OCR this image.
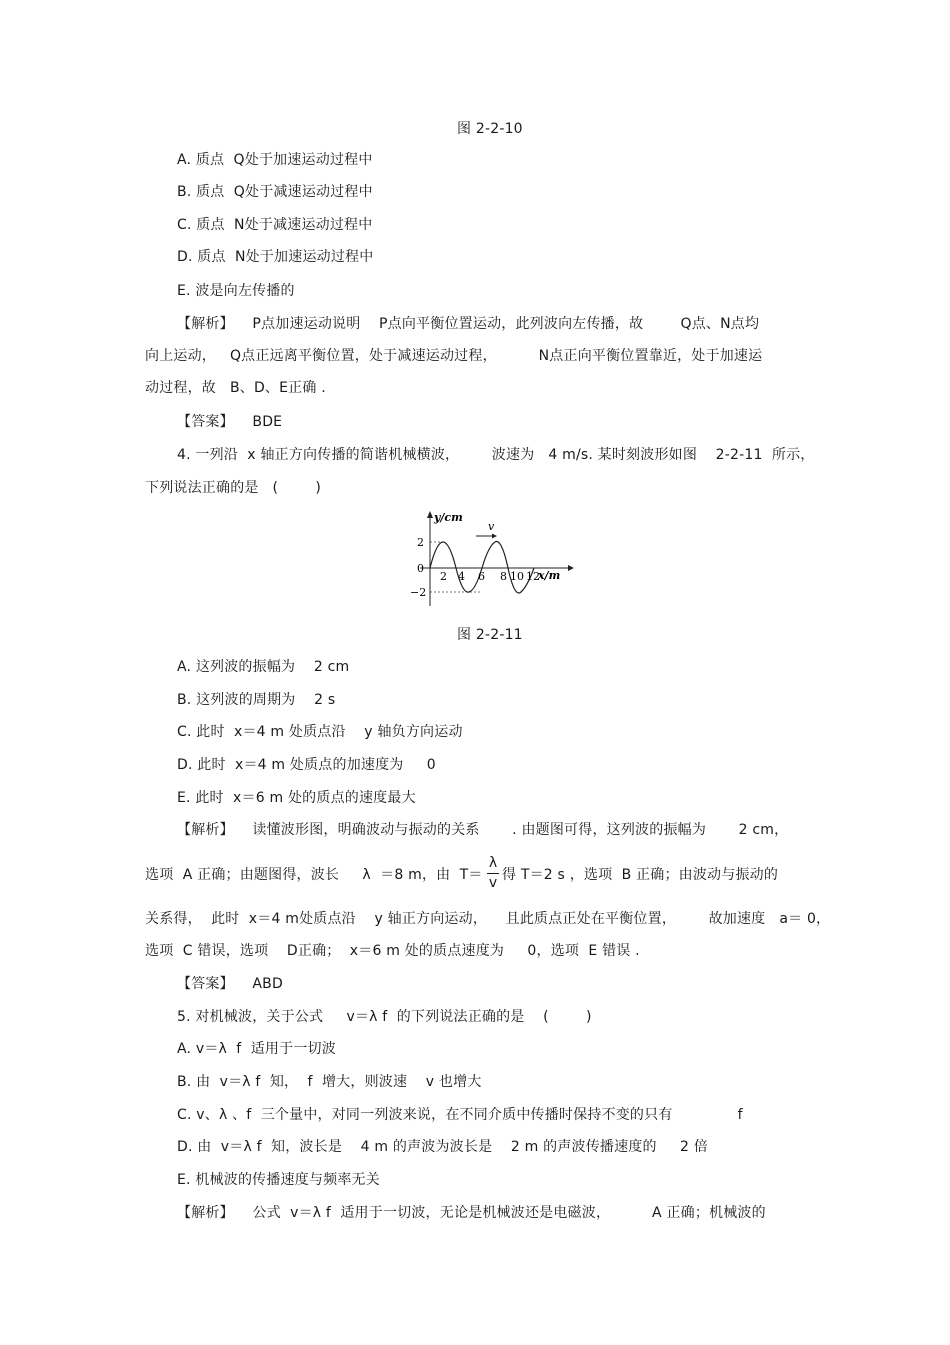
图 2-2-10
A. 质点  Q处于加速运动过程中
B. 质点  Q处于减速运动过程中
C. 质点  N处于减速运动过程中
D. 质点  N处于加速运动过程中
E. 波是向左传播的
【解析】    P点加速运动说明    P点向平衡位置运动，此列波向左传播，故        Q点、N点均
向上运动，   Q点正远离平衡位置，处于减速运动过程，         N点正向平衡位置靠近，处于加速运
动过程，故   B、D、E正确 .
【答案】    BDE
4. 一列沿  x 轴正方向传播的简谐机械横波，       波速为   4 m/s. 某时刻波形如图    2-2-11  所示，
下列说法正确的是   (        )
v
y/cm
x/m
2
0
−2
2 4 6 8 10 12
图 2-2-11
A. 这列波的振幅为    2 cm
B. 这列波的周期为    2 s
C. 此时  x＝4 m 处质点沿    y 轴负方向运动
D. 此时  x＝4 m 处质点的加速度为     0
E. 此时  x＝6 m 处的质点的速度最大
【解析】    读懂波形图，明确波动与振动的关系       . 由题图可得，这列波的振幅为       2 cm，
选项  A 正确；由题图得，波长     λ  ＝8 m，由  T＝
λ
v 得 T＝2 s ，选项  B 正确；由波动与振动的
关系得，  此时  x＝4 m处质点沿    y 轴正方向运动，    且此质点正处在平衡位置，       故加速度   a＝ 0，
选项  C 错误，选项    D正确；  x＝6 m 处的质点速度为     0，选项  E 错误 .
【答案】    ABD
5. 对机械波，关于公式     v＝λ f  的下列说法正确的是    (        )
A. v＝λ  f  适用于一切波
B. 由  v＝λ f  知，  f  增大，则波速    v 也增大
C. v、λ 、f  三个量中，对同一列波来说，在不同介质中传播时保持不变的只有              f
D. 由  v＝λ f  知，波长是    4 m 的声波为波长是    2 m 的声波传播速度的     2 倍
E. 机械波的传播速度与频率无关
【解析】    公式  v＝λ f  适用于一切波，无论是机械波还是电磁波，         A 正确；机械波的
